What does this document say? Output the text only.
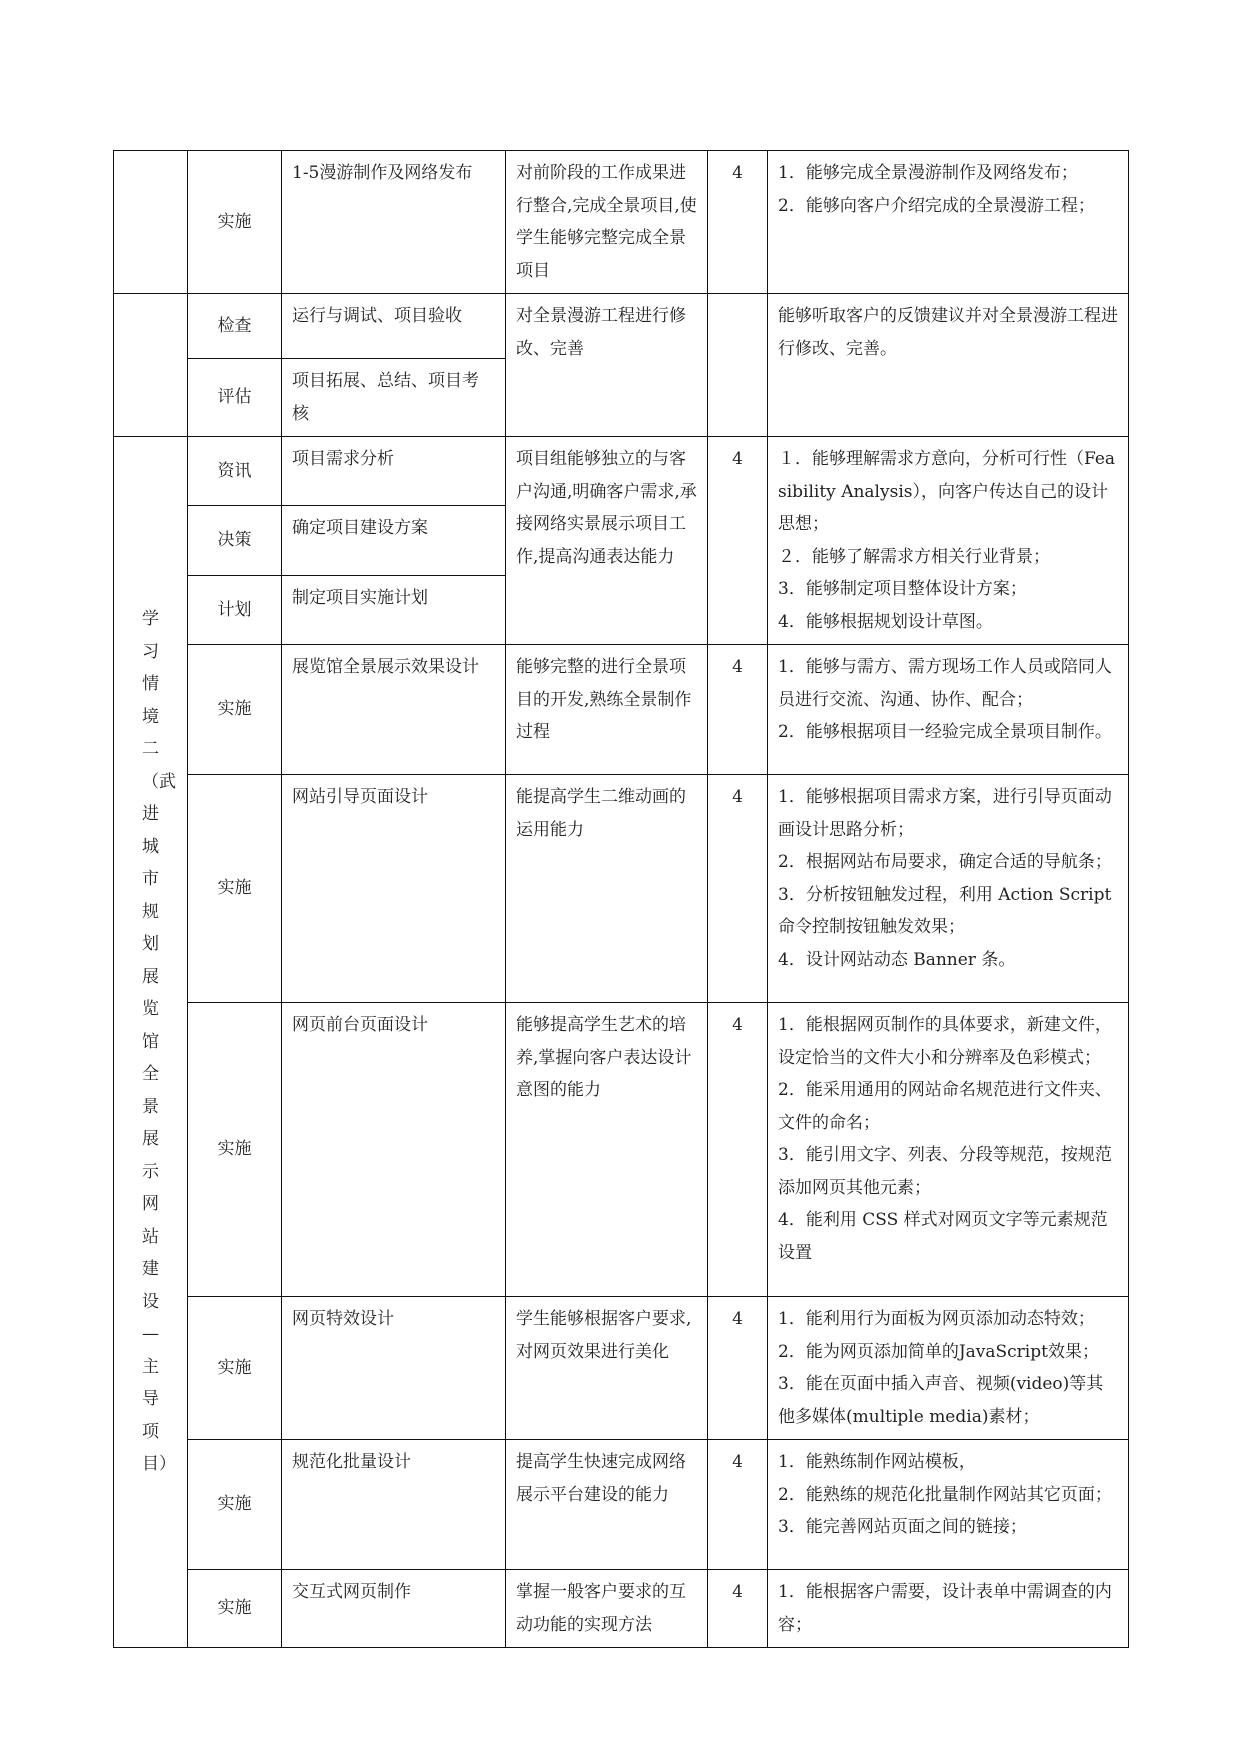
	实施	1-5漫游制作及网络发布	对前阶段的工作成果进行整合,完成全景项目,使学生能够完整完成全景项目	4	1．能够完成全景漫游制作及网络发布；
2．能够向客户介绍完成的全景漫游工程；

	检查	运行与调试、项目验收	对全景漫游工程进行修改、完善		能够听取客户的反馈建议并对全景漫游工程进行修改、完善。

	评估	项目拓展、总结、项目考核			

学习情境二（武进城市规划展览馆全景展示网站建设—主导项目）	资讯	项目需求分析	项目组能够独立的与客户沟通,明确客户需求,承接网络实景展示项目工作,提高沟通表达能力	4	１．能够理解需求方意向，分析可行性（Feasibility Analysis），向客户传达自己的设计思想；
２．能够了解需求方相关行业背景；
3．能够制定项目整体设计方案；
4．能够根据规划设计草图。

	决策	确定项目建设方案			
	计划	制定项目实施计划			
	实施	展览馆全景展示效果设计	能够完整的进行全景项目的开发,熟练全景制作过程	4	1．能够与需方、需方现场工作人员或陪同人员进行交流、沟通、协作、配合；
2．能够根据项目一经验完成全景项目制作。

	实施	网站引导页面设计	能提高学生二维动画的运用能力	4	1．能够根据项目需求方案，进行引导页面动画设计思路分析；
2．根据网站布局要求，确定合适的导航条；
3．分析按钮触发过程，利用 Action Script 命令控制按钮触发效果；
4．设计网站动态 Banner 条。

	实施	网页前台页面设计	能够提高学生艺术的培养,掌握向客户表达设计意图的能力	4	1．能根据网页制作的具体要求，新建文件，设定恰当的文件大小和分辨率及色彩模式；
2．能采用通用的网站命名规范进行文件夹、文件的命名；
3．能引用文字、列表、分段等规范，按规范添加网页其他元素；
4．能利用 CSS 样式对网页文字等元素规范设置

	实施	网页特效设计	学生能够根据客户要求,对网页效果进行美化	4	1．能利用行为面板为网页添加动态特效；
2．能为网页添加简单的JavaScript效果；
3．能在页面中插入声音、视频(video)等其他多媒体(multiple media)素材；

	实施	规范化批量设计	提高学生快速完成网络展示平台建设的能力	4	1．能熟练制作网站模板，
2．能熟练的规范化批量制作网站其它页面；
3．能完善网站页面之间的链接；

	实施	交互式网页制作	掌握一般客户要求的互动功能的实现方法	4	1．能根据客户需要，设计表单中需调查的内容；
